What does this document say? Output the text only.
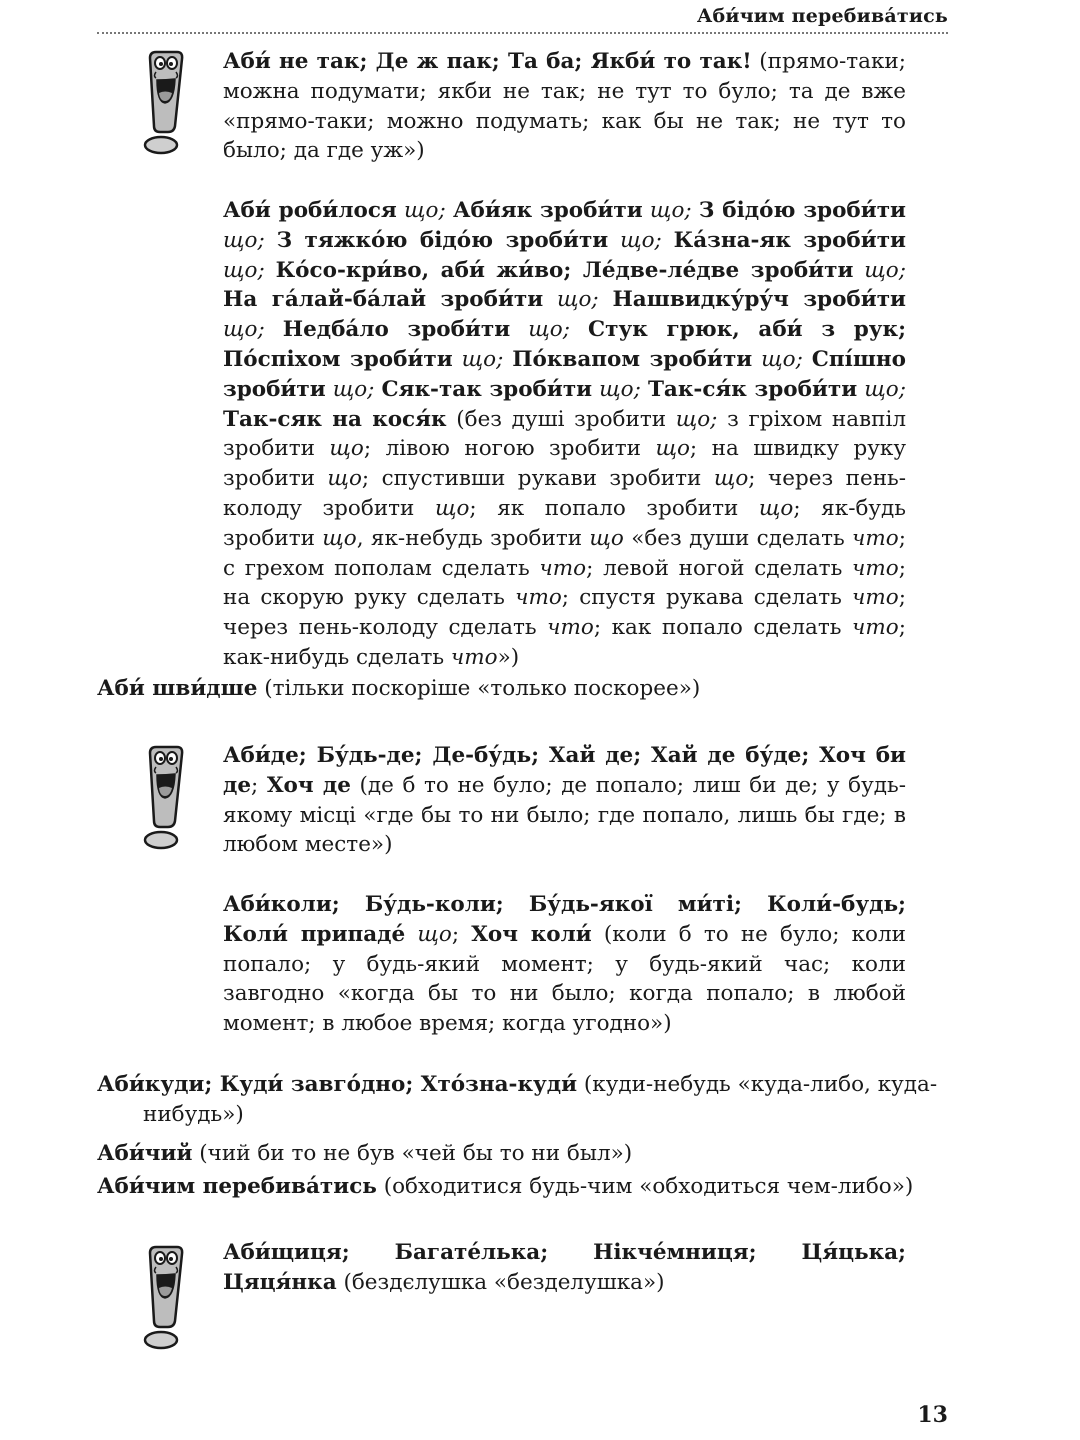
Аби́чим перебива́тись

Аби́ не так; Де ж пак; Та ба; Якби́ то так! (прямо-таки; можна подумати; якби не так; не тут то було; та де вже «прямо-таки; можно подумать; как бы не так; не тут то было; да где уж»)

Аби́ роби́лося що; Аби́як зроби́ти що; З бідо́ю зроби́ти що; З тяжко́ю бідо́ю зроби́ти що; Ка́зна-як зроби́ти що; Ко́со-кри́во, аби́ жи́во; Ле́две-ле́две зроби́ти що; На га́лай-ба́лай зроби́ти що; Нашвидку́ру́ч зроби́ти що; Недба́ло зроби́ти що; Стук грюк, аби́ з рук; По́спіхом зроби́ти що; По́квапом зроби́ти що; Спі́шно зроби́ти що; Сяк-так зроби́ти що; Так-ся́к зроби́ти що; Так-сяк на кося́к (без душі зробити що; з гріхом навпіл зробити що; лівою ногою зробити що; на швидку руку зробити що; спустивши рукави зробити що; через пень-колоду зробити що; як попало зробити що; як-будь зробити що, як-небудь зробити що «без души сделать что; с грехом пополам сделать что; левой ногой сделать что; на скорую руку сделать что; спустя рукава сделать что; через пень-колоду сделать что; как попало сделать что; как-нибудь сделать что»)

Аби́ шви́дше (тільки поскоріше «только поскорее»)

Аби́де; Бу́дь-де; Де-бу́дь; Хай де; Хай де бу́де; Хоч би де; Хоч де (де б то не було; де попало; лиш би де; у будь-якому місці «где бы то ни было; где попало, лишь бы где; в любом месте»)

Аби́коли; Бу́дь-коли; Бу́дь-якої ми́ті; Коли́-будь; Коли́ припаде́ що; Хоч коли́ (коли б то не було; коли попало; у будь-який момент; у будь-який час; коли завгодно «когда бы то ни было; когда попало; в любой момент; в любое время; когда угодно»)

Аби́куди; Куди́ завго́дно; Хто́зна-куди́ (куди-небудь «куда-либо, куда-нибудь»)

Аби́чий (чий би то не був «чей бы то ни был»)

Аби́чим перебива́тись (обходитися будь-чим «обходиться чем-либо»)

Аби́щиця; Багате́лька; Нікче́мниця; Ця́цька; Цяця́нка (бездєлушка «безделушка»)

13
